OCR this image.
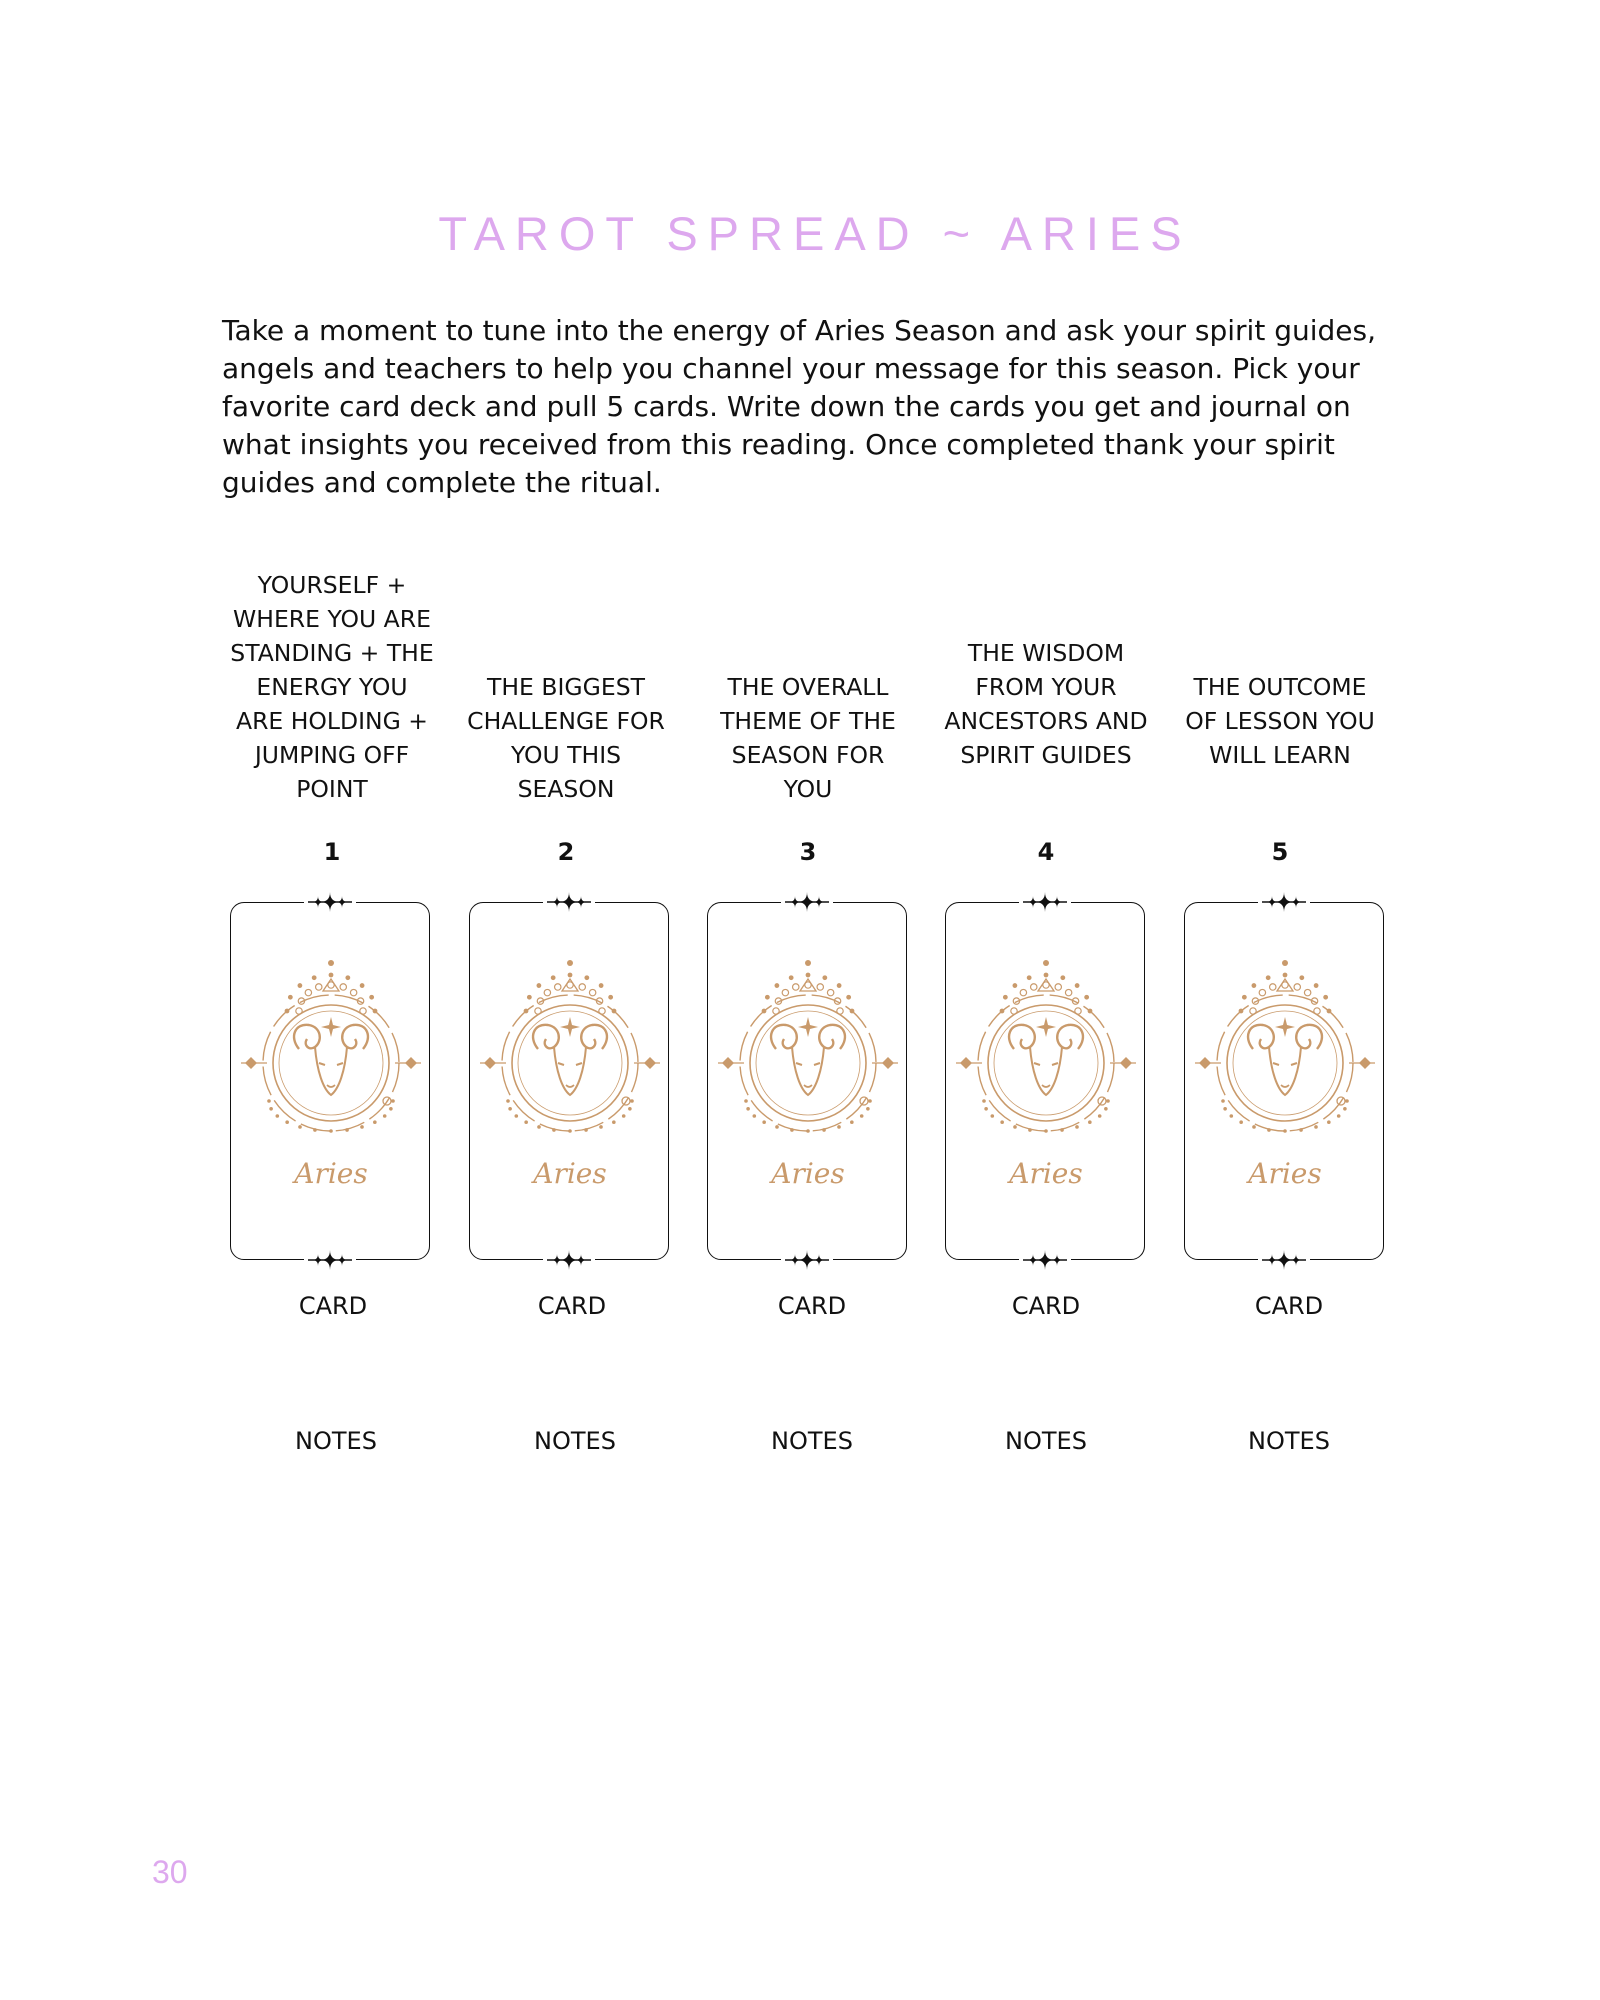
TAROT SPREAD ~ ARIES

Take a moment to tune into the energy of Aries Season and ask your spirit guides, angels and teachers to help you channel your message for this season. Pick your favorite card deck and pull 5 cards. Write down the cards you get and journal on what insights you received from this reading. Once completed thank your spirit guides and complete the ritual.

YOURSELF +
WHERE YOU ARE
STANDING + THE
ENERGY YOU
ARE HOLDING +
JUMPING OFF
POINT
1
Aries
CARD
NOTES
THE BIGGEST
CHALLENGE FOR
YOU THIS
SEASON
2
Aries
CARD
NOTES
THE OVERALL
THEME OF THE
SEASON FOR
YOU
3
Aries
CARD
NOTES
THE WISDOM
FROM YOUR
ANCESTORS AND
SPIRIT GUIDES
4
Aries
CARD
NOTES
THE OUTCOME
OF LESSON YOU
WILL LEARN
5
Aries
CARD
NOTES
30
